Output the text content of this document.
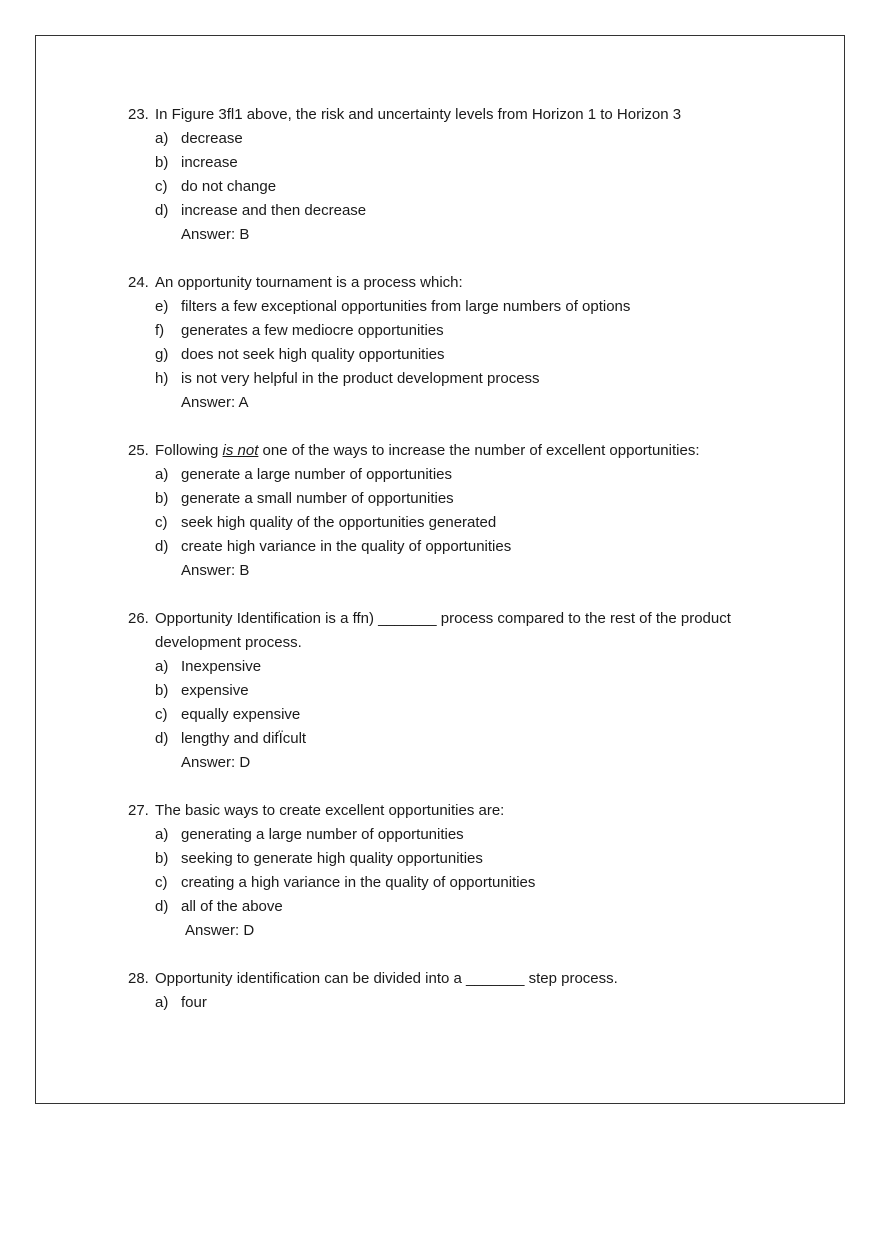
23. In Figure 3fl1 above, the risk and uncertainty levels from Horizon 1 to Horizon 3
a) decrease
b) increase
c) do not change
d) increase and then decrease
Answer: B
24. An opportunity tournament is a process which:
e) filters a few exceptional opportunities from large numbers of options
f)	generates a few mediocre opportunities
g) does not seek high quality opportunities
h) is not very helpful in the product development process
Answer: A
25. Following is not one of the ways to increase the number of excellent opportunities:
a) generate a large number of opportunities
b) generate a small number of opportunities
c) seek high quality of the opportunities generated
d) create high variance in the quality of opportunities
Answer: B
26. Opportunity Identification is a ffn) _______ process compared to the rest of the product development process.
a) Inexpensive
b) expensive
c) equally expensive
d) lengthy and difÏcult
Answer: D
27. The basic ways to create excellent opportunities are:
a) generating a large number of opportunities
b) seeking to generate high quality opportunities
c) creating a high variance in the quality of opportunities
d) all of the above
Answer: D
28. Opportunity identification can be divided into a _______ step process.
a) four
